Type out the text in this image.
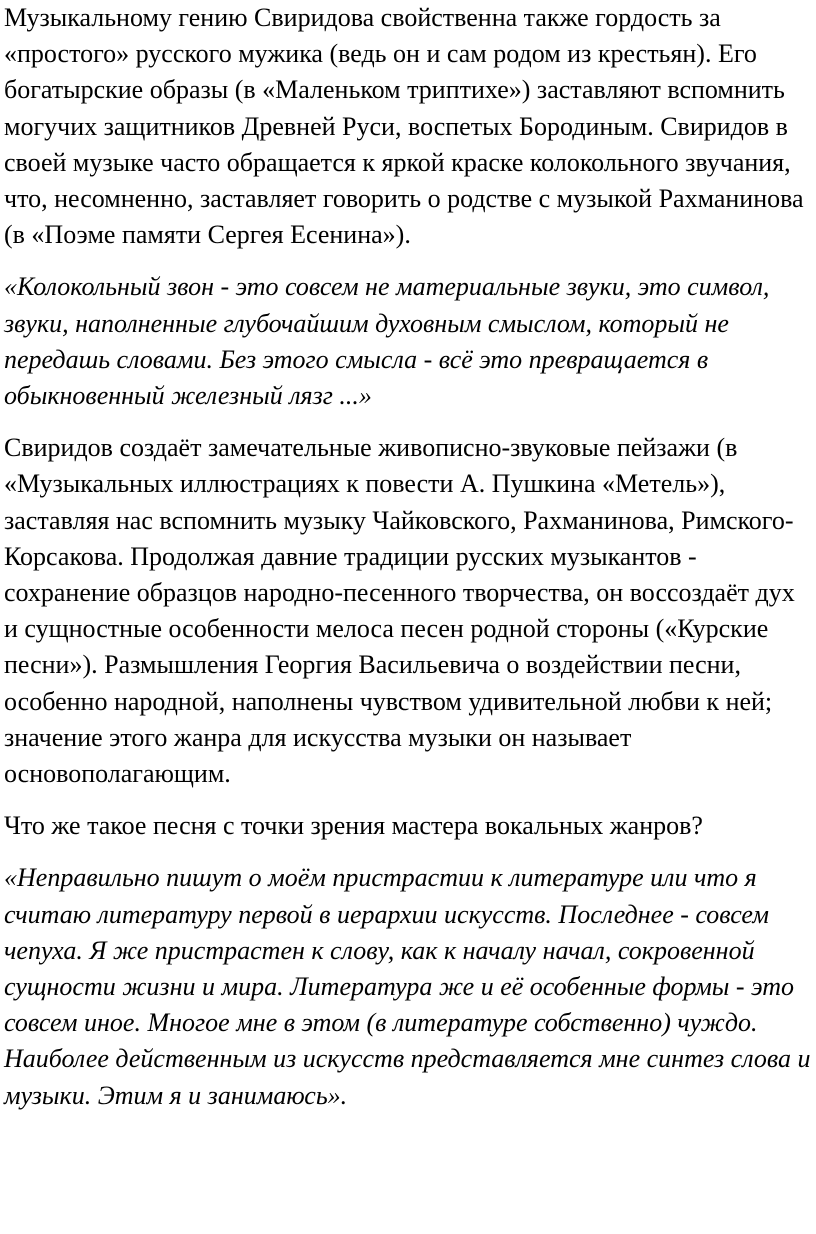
Музыкальному гению Свиридова свойственна также гордость за «простого» русского мужика (ведь он и сам родом из крестьян). Его богатырские образы (в «Маленьком триптихе») заставляют вспомнить могучих защитников Древней Руси, воспетых Бородиным. Свиридов в своей музыке часто обращается к яркой краске колокольного звучания, что, несомненно, заставляет говорить о родстве с музыкой Рахманинова (в «Поэме памяти Сергея Есенина»).

«Колокольный звон - это совсем не материальные звуки, это символ, звуки, наполненные глубочайшим духовным смыслом, который не передашь словами. Без этого смысла - всё это превращается в обыкновенный железный лязг ...»

Свиридов создаёт замечательные живописно-звуковые пейзажи (в «Музыкальных иллюстрациях к повести А. Пушкина «Метель»), заставляя нас вспомнить музыку Чайковского, Рахманинова, Римского-Корсакова. Продолжая давние традиции русских музыкантов - сохранение образцов народно-песенного творчества, он воссоздаёт дух и сущностные особенности мелоса песен родной стороны («Курские песни»). Размышления Георгия Васильевича о воздействии песни, особенно народной, наполнены чувством удивительной любви к ней; значение этого жанра для искусства музыки он называет основополагающим.

Что же такое песня с точки зрения мастера вокальных жанров?

«Неправильно пишут о моём пристрастии к литературе или что я считаю литературу первой в иерархии искусств. Последнее - совсем чепуха. Я же пристрастен к слову, как к началу начал, сокровенной сущности жизни и мира. Литература же и её особенные формы - это совсем иное. Многое мне в этом (в литературе собственно) чуждо. Наиболее действенным из искусств представляется мне синтез слова и музыки. Этим я и занимаюсь».
